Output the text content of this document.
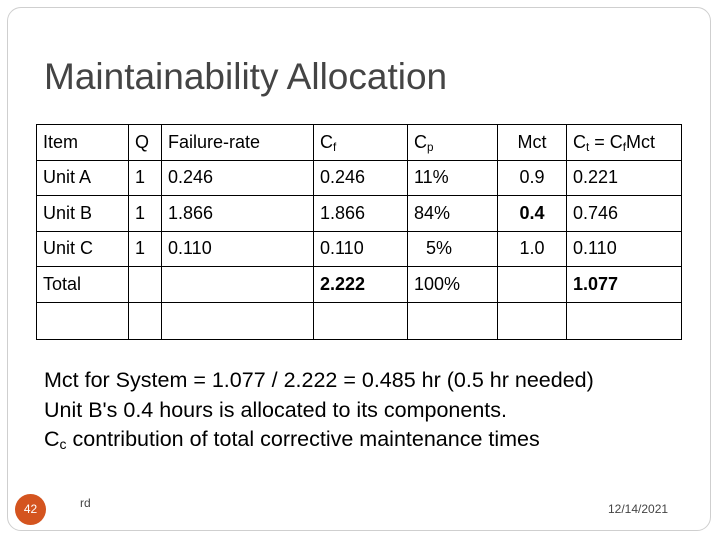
Maintainability Allocation
Item	Q	Failure-rate	$C_f$	$C_p$	Mct	$C_t = C_fMct$
Unit A	1	0.246	0.246	11%	0.9	0.221
Unit B	1	1.866	1.866	84%	0.4	0.746
Unit C	1	0.110	0.110	5%	1.0	0.110
Total			2.222	100%		1.077

Mct for System = 1.077 / 2.222 = 0.485 hr (0.5 hr needed)
Unit B's 0.4 hours is allocated to its components.
$C_c$ contribution of total corrective maintenance times
42	rd	12/14/2021
